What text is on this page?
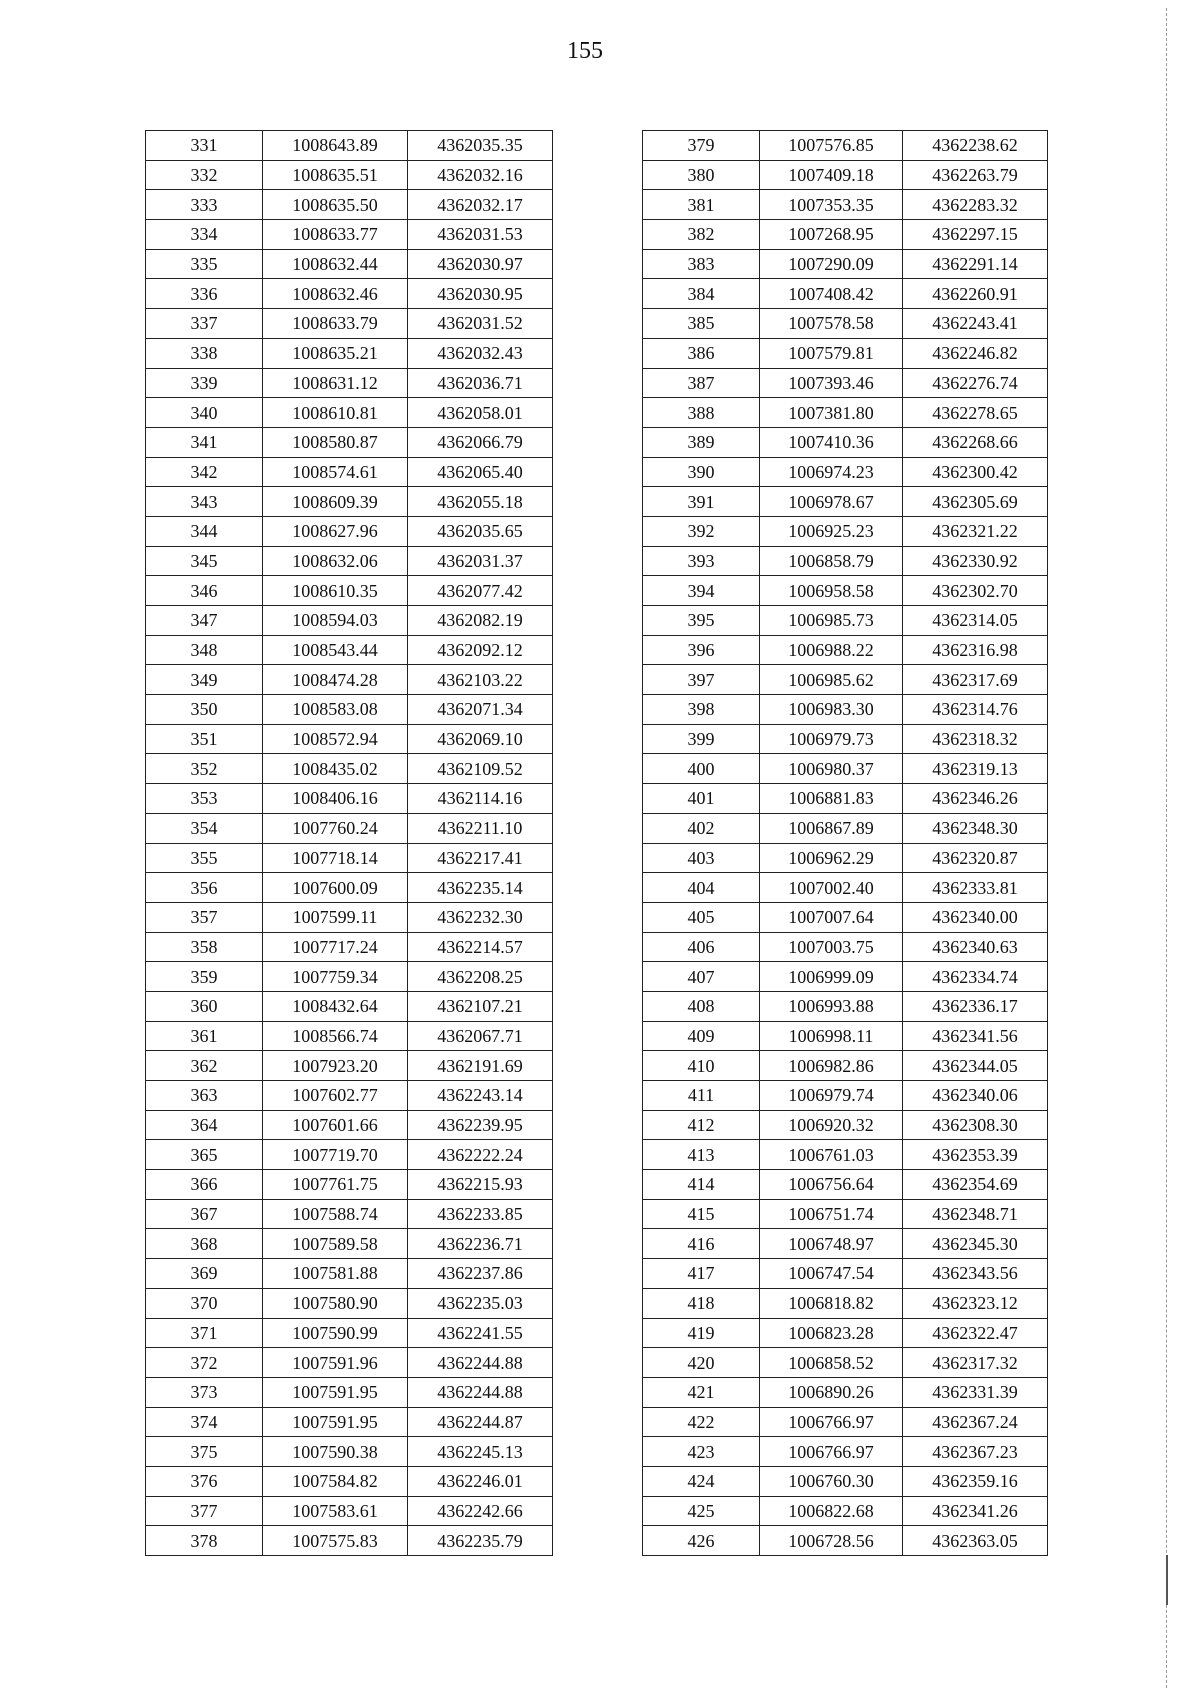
155
331	1008643.89	4362035.35
332	1008635.51	4362032.16
333	1008635.50	4362032.17
334	1008633.77	4362031.53
335	1008632.44	4362030.97
336	1008632.46	4362030.95
337	1008633.79	4362031.52
338	1008635.21	4362032.43
339	1008631.12	4362036.71
340	1008610.81	4362058.01
341	1008580.87	4362066.79
342	1008574.61	4362065.40
343	1008609.39	4362055.18
344	1008627.96	4362035.65
345	1008632.06	4362031.37
346	1008610.35	4362077.42
347	1008594.03	4362082.19
348	1008543.44	4362092.12
349	1008474.28	4362103.22
350	1008583.08	4362071.34
351	1008572.94	4362069.10
352	1008435.02	4362109.52
353	1008406.16	4362114.16
354	1007760.24	4362211.10
355	1007718.14	4362217.41
356	1007600.09	4362235.14
357	1007599.11	4362232.30
358	1007717.24	4362214.57
359	1007759.34	4362208.25
360	1008432.64	4362107.21
361	1008566.74	4362067.71
362	1007923.20	4362191.69
363	1007602.77	4362243.14
364	1007601.66	4362239.95
365	1007719.70	4362222.24
366	1007761.75	4362215.93
367	1007588.74	4362233.85
368	1007589.58	4362236.71
369	1007581.88	4362237.86
370	1007580.90	4362235.03
371	1007590.99	4362241.55
372	1007591.96	4362244.88
373	1007591.95	4362244.88
374	1007591.95	4362244.87
375	1007590.38	4362245.13
376	1007584.82	4362246.01
377	1007583.61	4362242.66
378	1007575.83	4362235.79
379	1007576.85	4362238.62
380	1007409.18	4362263.79
381	1007353.35	4362283.32
382	1007268.95	4362297.15
383	1007290.09	4362291.14
384	1007408.42	4362260.91
385	1007578.58	4362243.41
386	1007579.81	4362246.82
387	1007393.46	4362276.74
388	1007381.80	4362278.65
389	1007410.36	4362268.66
390	1006974.23	4362300.42
391	1006978.67	4362305.69
392	1006925.23	4362321.22
393	1006858.79	4362330.92
394	1006958.58	4362302.70
395	1006985.73	4362314.05
396	1006988.22	4362316.98
397	1006985.62	4362317.69
398	1006983.30	4362314.76
399	1006979.73	4362318.32
400	1006980.37	4362319.13
401	1006881.83	4362346.26
402	1006867.89	4362348.30
403	1006962.29	4362320.87
404	1007002.40	4362333.81
405	1007007.64	4362340.00
406	1007003.75	4362340.63
407	1006999.09	4362334.74
408	1006993.88	4362336.17
409	1006998.11	4362341.56
410	1006982.86	4362344.05
411	1006979.74	4362340.06
412	1006920.32	4362308.30
413	1006761.03	4362353.39
414	1006756.64	4362354.69
415	1006751.74	4362348.71
416	1006748.97	4362345.30
417	1006747.54	4362343.56
418	1006818.82	4362323.12
419	1006823.28	4362322.47
420	1006858.52	4362317.32
421	1006890.26	4362331.39
422	1006766.97	4362367.24
423	1006766.97	4362367.23
424	1006760.30	4362359.16
425	1006822.68	4362341.26
426	1006728.56	4362363.05
